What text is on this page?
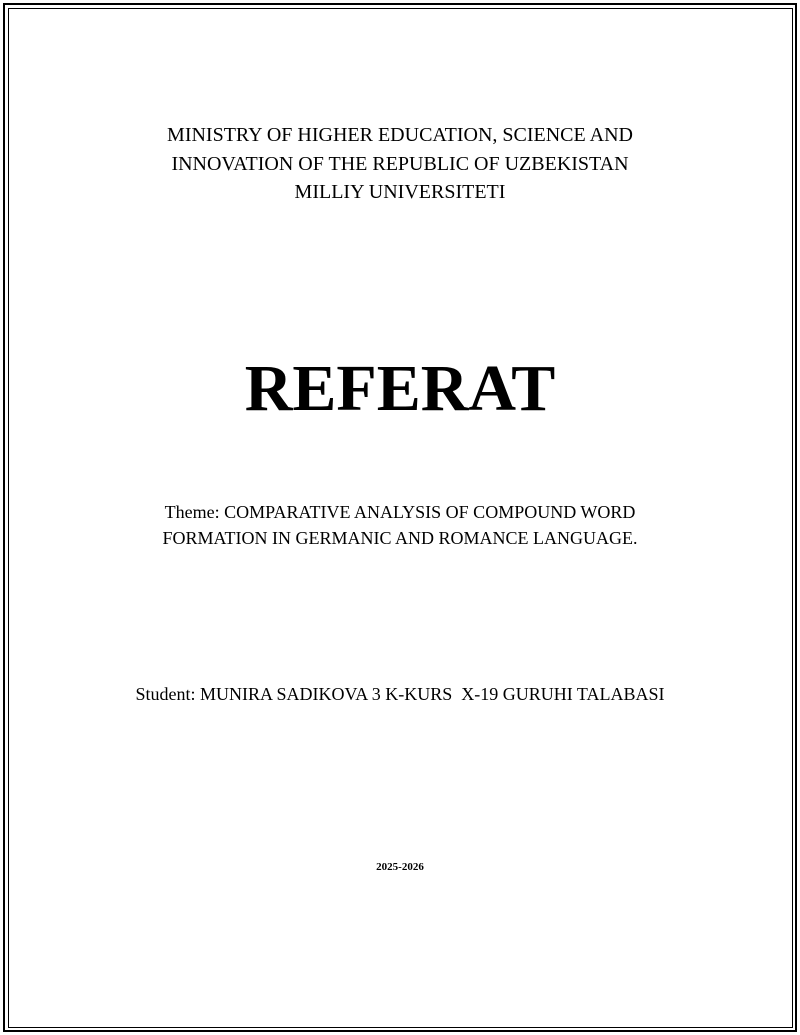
MINISTRY OF HIGHER EDUCATION, SCIENCE AND
INNOVATION OF THE REPUBLIC OF UZBEKISTAN
MILLIY UNIVERSITETI
REFERAT
Theme: COMPARATIVE ANALYSIS OF COMPOUND WORD
FORMATION IN GERMANIC AND ROMANCE LANGUAGE.
Student: MUNIRA SADIKOVA 3 K-KURS  X-19 GURUHI TALABASI
2025-2026
